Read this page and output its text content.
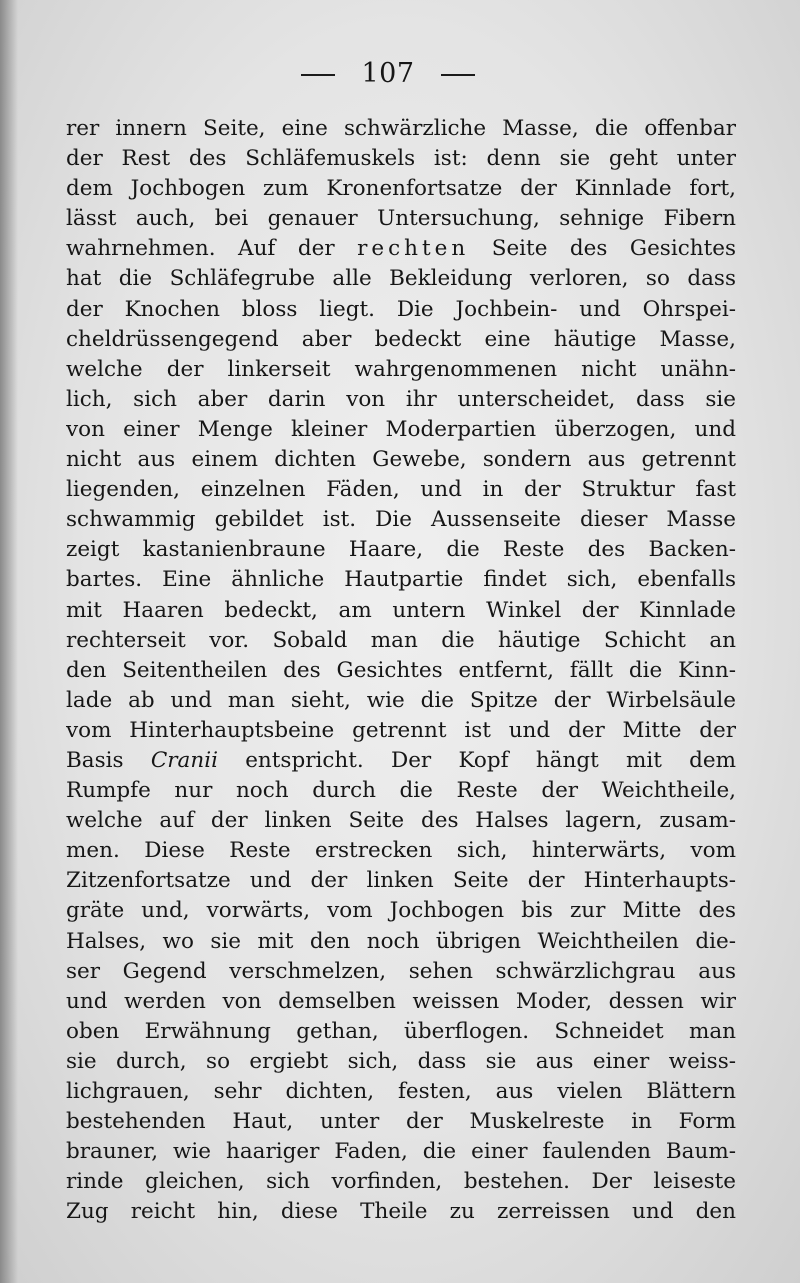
107
rer innern Seite, eine schwärzliche Masse, die offenbar
der Rest des Schläfemuskels ist: denn sie geht unter
dem Jochbogen zum Kronenfortsatze der Kinnlade fort,
lässt auch, bei genauer Untersuchung, sehnige Fibern
wahrnehmen. Auf der rechten Seite des Gesichtes
hat die Schläfegrube alle Bekleidung verloren, so dass
der Knochen bloss liegt. Die Jochbein- und Ohrspei-
cheldrüssengegend aber bedeckt eine häutige Masse,
welche der linkerseit wahrgenommenen nicht unähn-
lich, sich aber darin von ihr unterscheidet, dass sie
von einer Menge kleiner Moderpartien überzogen, und
nicht aus einem dichten Gewebe, sondern aus getrennt
liegenden, einzelnen Fäden, und in der Struktur fast
schwammig gebildet ist. Die Aussenseite dieser Masse
zeigt kastanienbraune Haare, die Reste des Backen-
bartes. Eine ähnliche Hautpartie findet sich, ebenfalls
mit Haaren bedeckt, am untern Winkel der Kinnlade
rechterseit vor. Sobald man die häutige Schicht an
den Seitentheilen des Gesichtes entfernt, fällt die Kinn-
lade ab und man sieht, wie die Spitze der Wirbelsäule
vom Hinterhauptsbeine getrennt ist und der Mitte der
Basis Cranii entspricht. Der Kopf hängt mit dem
Rumpfe nur noch durch die Reste der Weichtheile,
welche auf der linken Seite des Halses lagern, zusam-
men. Diese Reste erstrecken sich, hinterwärts, vom
Zitzenfortsatze und der linken Seite der Hinterhaupts-
gräte und, vorwärts, vom Jochbogen bis zur Mitte des
Halses, wo sie mit den noch übrigen Weichtheilen die-
ser Gegend verschmelzen, sehen schwärzlichgrau aus
und werden von demselben weissen Moder, dessen wir
oben Erwähnung gethan, überflogen. Schneidet man
sie durch, so ergiebt sich, dass sie aus einer weiss-
lichgrauen, sehr dichten, festen, aus vielen Blättern
bestehenden Haut, unter der Muskelreste in Form
brauner, wie haariger Faden, die einer faulenden Baum-
rinde gleichen, sich vorfinden, bestehen. Der leiseste
Zug reicht hin, diese Theile zu zerreissen und den
